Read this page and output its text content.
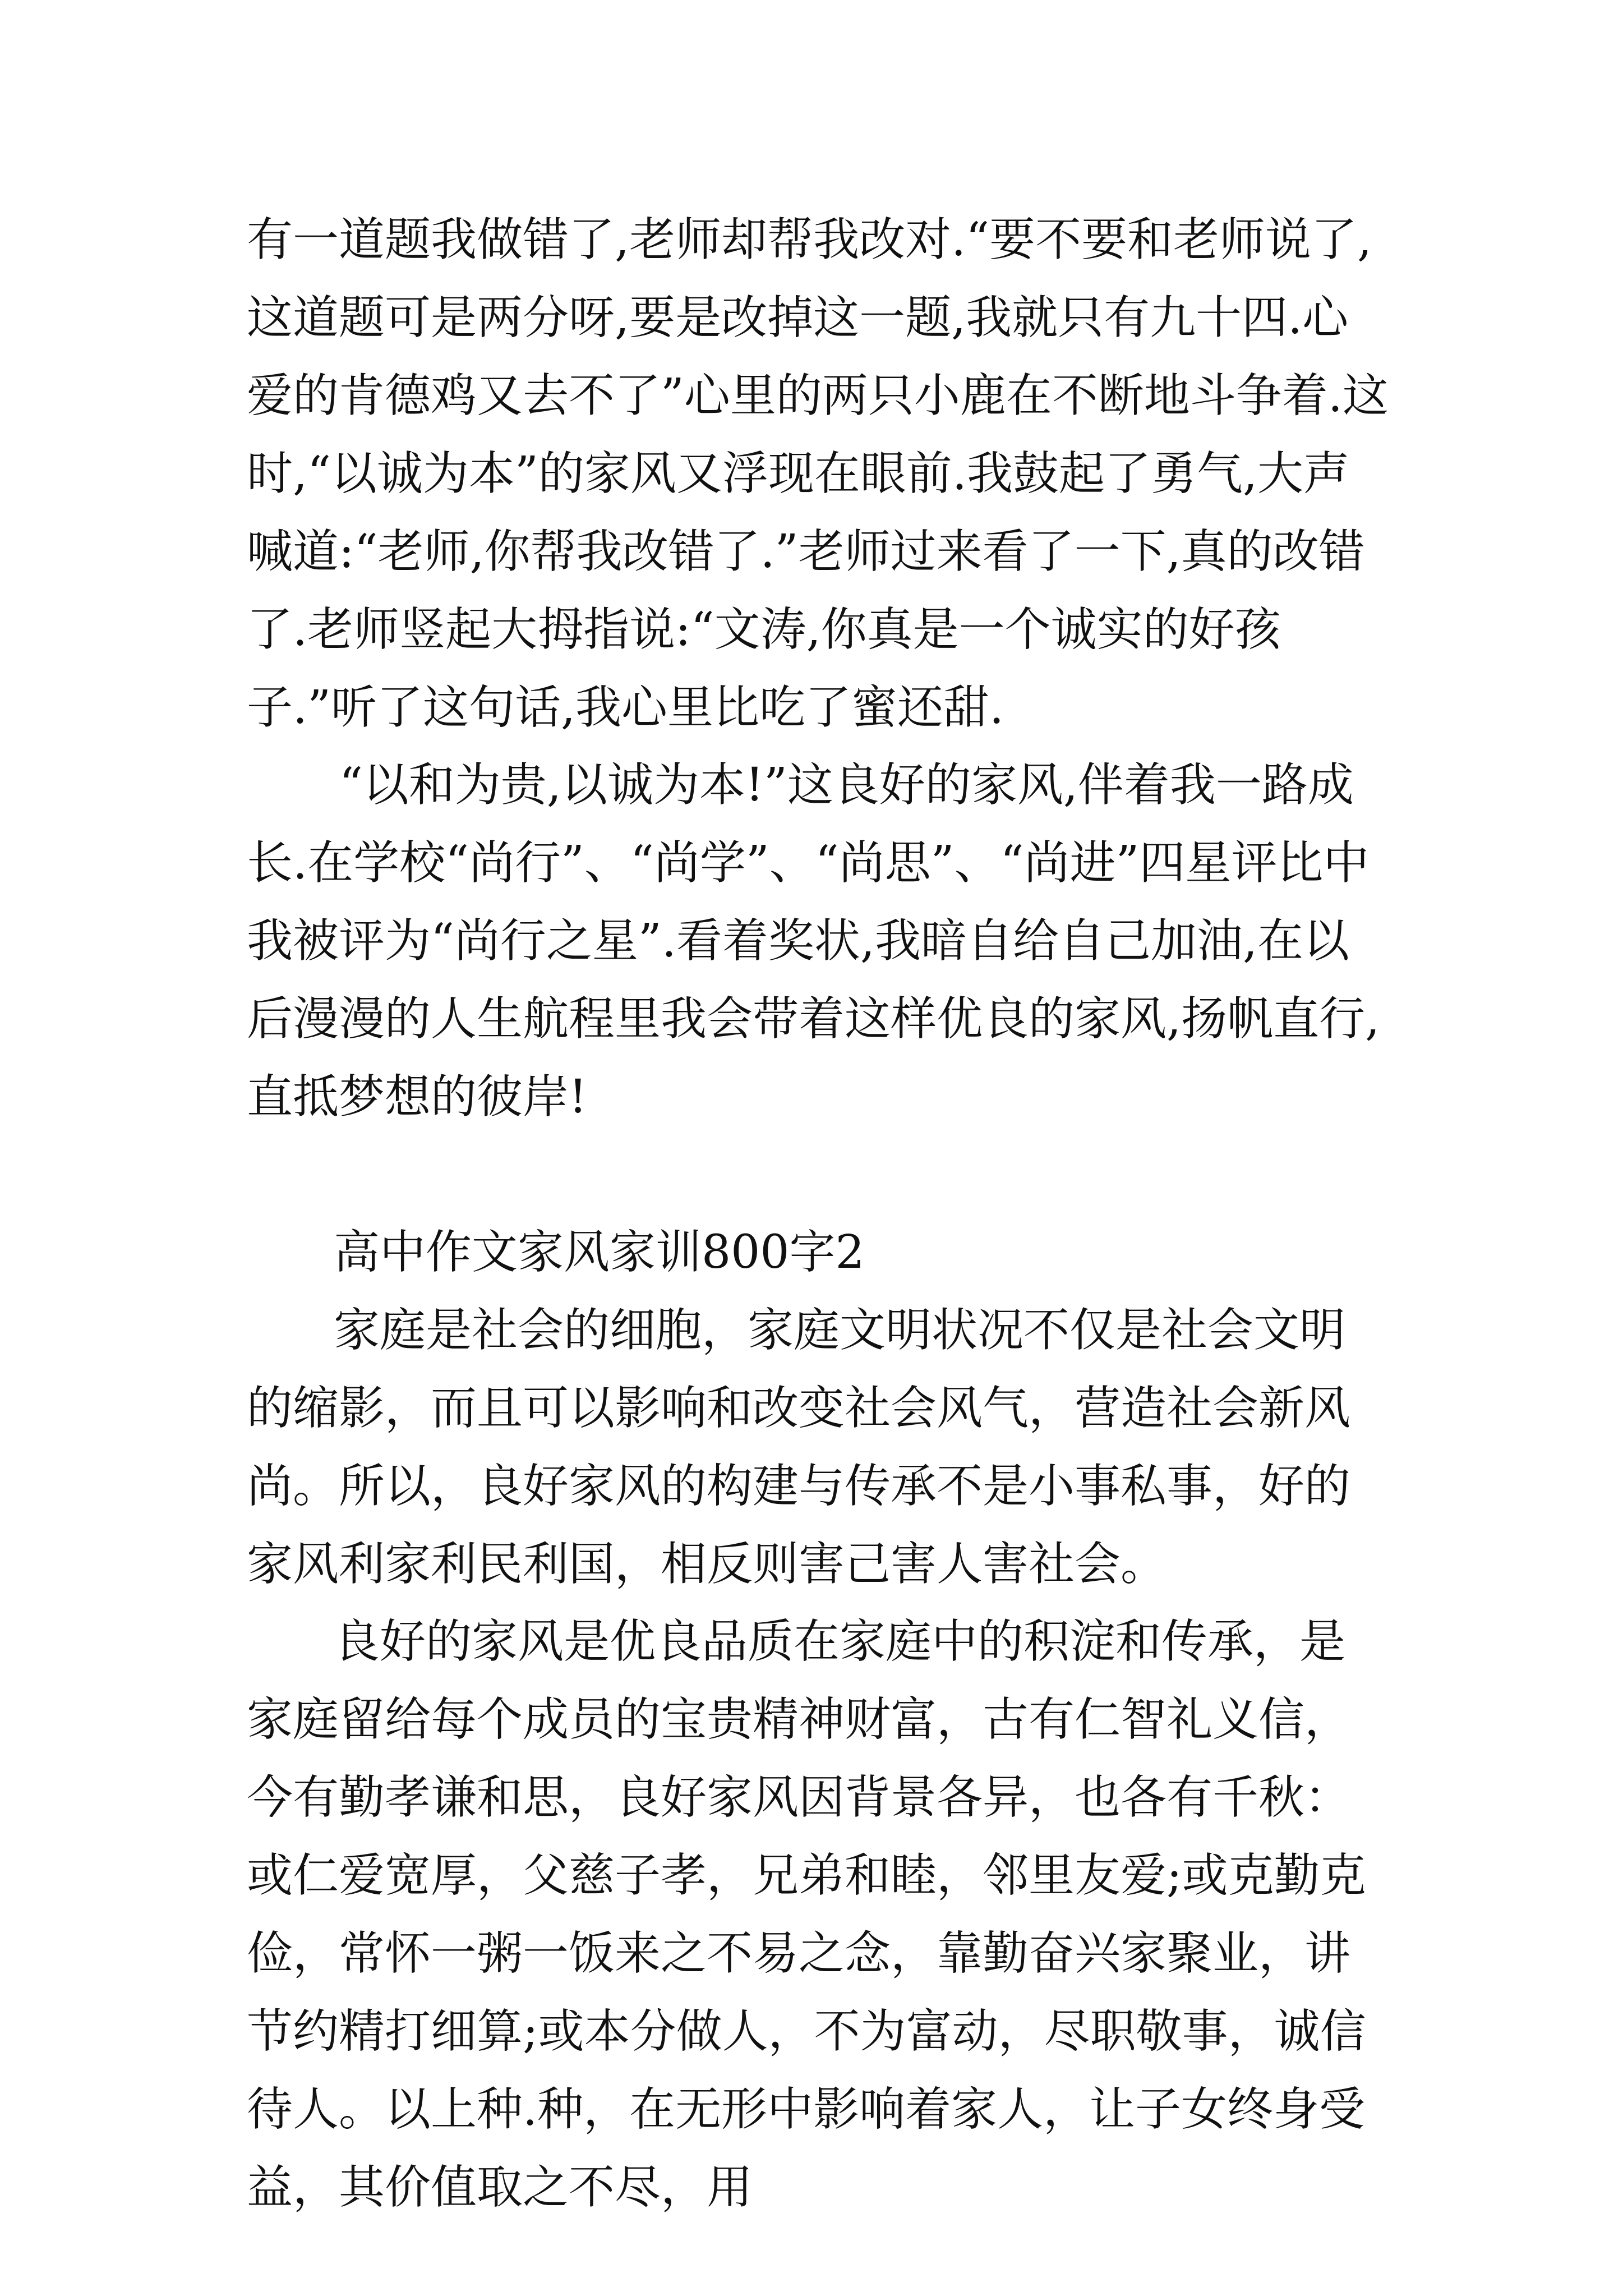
有一道题我做错了,老师却帮我改对.“要不要和老师说了,这道题可是两分呀,要是改掉这一题,我就只有九十四.心爱的肯德鸡又去不了”心里的两只小鹿在不断地斗争着.这时,“以诚为本”的家风又浮现在眼前.我鼓起了勇气,大声喊道:“老师,你帮我改错了.”老师过来看了一下,真的改错了.老师竖起大拇指说:“文涛,你真是一个诚实的好孩子.”听了这句话,我心里比吃了蜜还甜.

“以和为贵,以诚为本!”这良好的家风,伴着我一路成长.在学校“尚行”、“尚学”、“尚思”、“尚进”四星评比中我被评为“尚行之星”.看着奖状,我暗自给自己加油,在以后漫漫的人生航程里我会带着这样优良的家风,扬帆直行,直抵梦想的彼岸!

高中作文家风家训800字2

家庭是社会的细胞，家庭文明状况不仅是社会文明的缩影，而且可以影响和改变社会风气，营造社会新风尚。所以，良好家风的构建与传承不是小事私事，好的家风利家利民利国，相反则害己害人害社会。

良好的家风是优良品质在家庭中的积淀和传承，是家庭留给每个成员的宝贵精神财富，古有仁智礼义信，今有勤孝谦和思，良好家风因背景各异，也各有千秋：或仁爱宽厚，父慈子孝，兄弟和睦，邻里友爱;或克勤克俭，常怀一粥一饭来之不易之念，靠勤奋兴家聚业，讲节约精打细算;或本分做人，不为富动，尽职敬事，诚信待人。以上种.种，在无形中影响着家人，让子女终身受益，其价值取之不尽，用
